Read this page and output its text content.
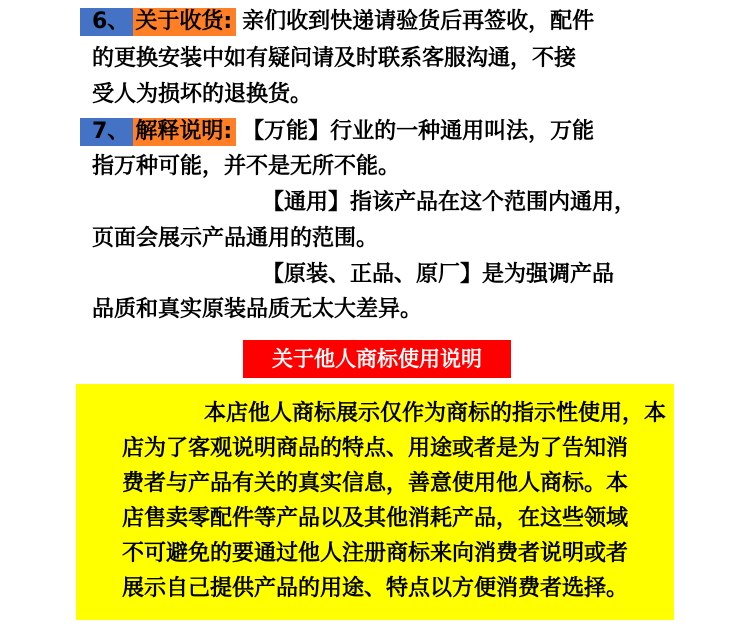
6、 关于收货: 亲们收到快递请验货后再签收，配件
的更换安装中如有疑问请及时联系客服沟通，不接
受人为损坏的退换货。
7、 解释说明: 【万能】行业的一种通用叫法，万能
指万种可能，并不是无所不能。
【通用】指该产品在这个范围内通用，
页面会展示产品通用的范围。
【原装、正品、原厂】是为强调产品
品质和真实原装品质无太大差异。
关于他人商标使用说明
本店他人商标展示仅作为商标的指示性使用，本
店为了客观说明商品的特点、用途或者是为了告知消
费者与产品有关的真实信息，善意使用他人商标。本
店售卖零配件等产品以及其他消耗产品，在这些领域
不可避免的要通过他人注册商标来向消费者说明或者
展示自己提供产品的用途、特点以方便消费者选择。
